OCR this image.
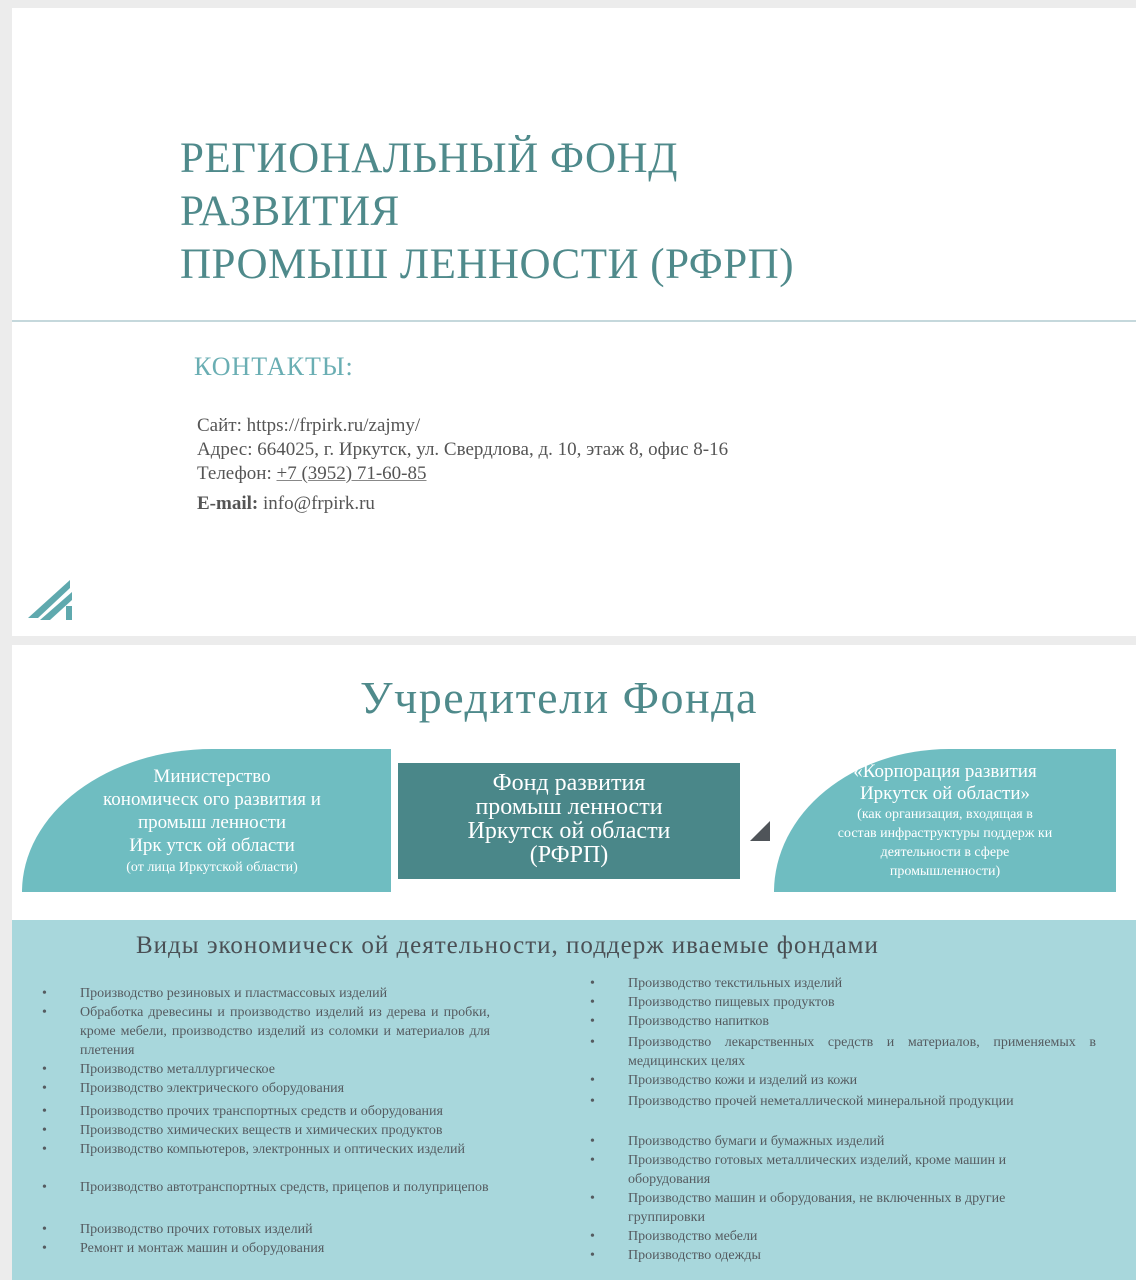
РЕГИОНАЛЬНЫЙ ФОНД
РАЗВИТИЯ
ПРОМЫШ ЛЕННОСТИ (РФРП)
КОНТАКТЫ:
Сайт: https://frpirk.ru/zajmy/
Адрес: 664025, г. Иркутск, ул. Свердлова, д. 10, этаж 8, офис 8-16
Телефон: +7 (3952) 71-60-85
E-mail: info@frpirk.ru
Учредители Фонда
Министерство
кономическ ого развития и
промыш ленности
Ирк утск ой области
(от лица Иркутской области)
Фонд развития
промыш ленности
Иркутск ой области
(РФРП)
«Корпорация развития
Иркутск ой области»
(как организация, входящая в
состав инфраструктуры поддерж ки
деятельности в сфере
промышленности)
Виды экономическ ой деятельности, поддерж иваемые фондами
• Производство резиновых и пластмассовых изделий
• Обработка древесины и производство изделий из дерева и пробки, кроме мебели, производство изделий из соломки и материалов для плетения
• Производство металлургическое
• Производство электрического оборудования
• Производство прочих транспортных средств и оборудования
• Производство химических веществ и химических продуктов
• Производство компьютеров, электронных и оптических изделий
• Производство автотранспортных средств, прицепов и полуприцепов
• Производство прочих готовых изделий
• Ремонт и монтаж машин и оборудования
• Производство текстильных изделий
• Производство пищевых продуктов
• Производство напитков
• Производство лекарственных средств и материалов, применяемых в медицинских целях
• Производство кожи и изделий из кожи
• Производство прочей неметаллической минеральной продукции
• Производство бумаги и бумажных изделий
• Производство готовых металлических изделий, кроме машин и оборудования
• Производство машин и оборудования, не включенных в другие группировки
• Производство мебели
• Производство одежды
